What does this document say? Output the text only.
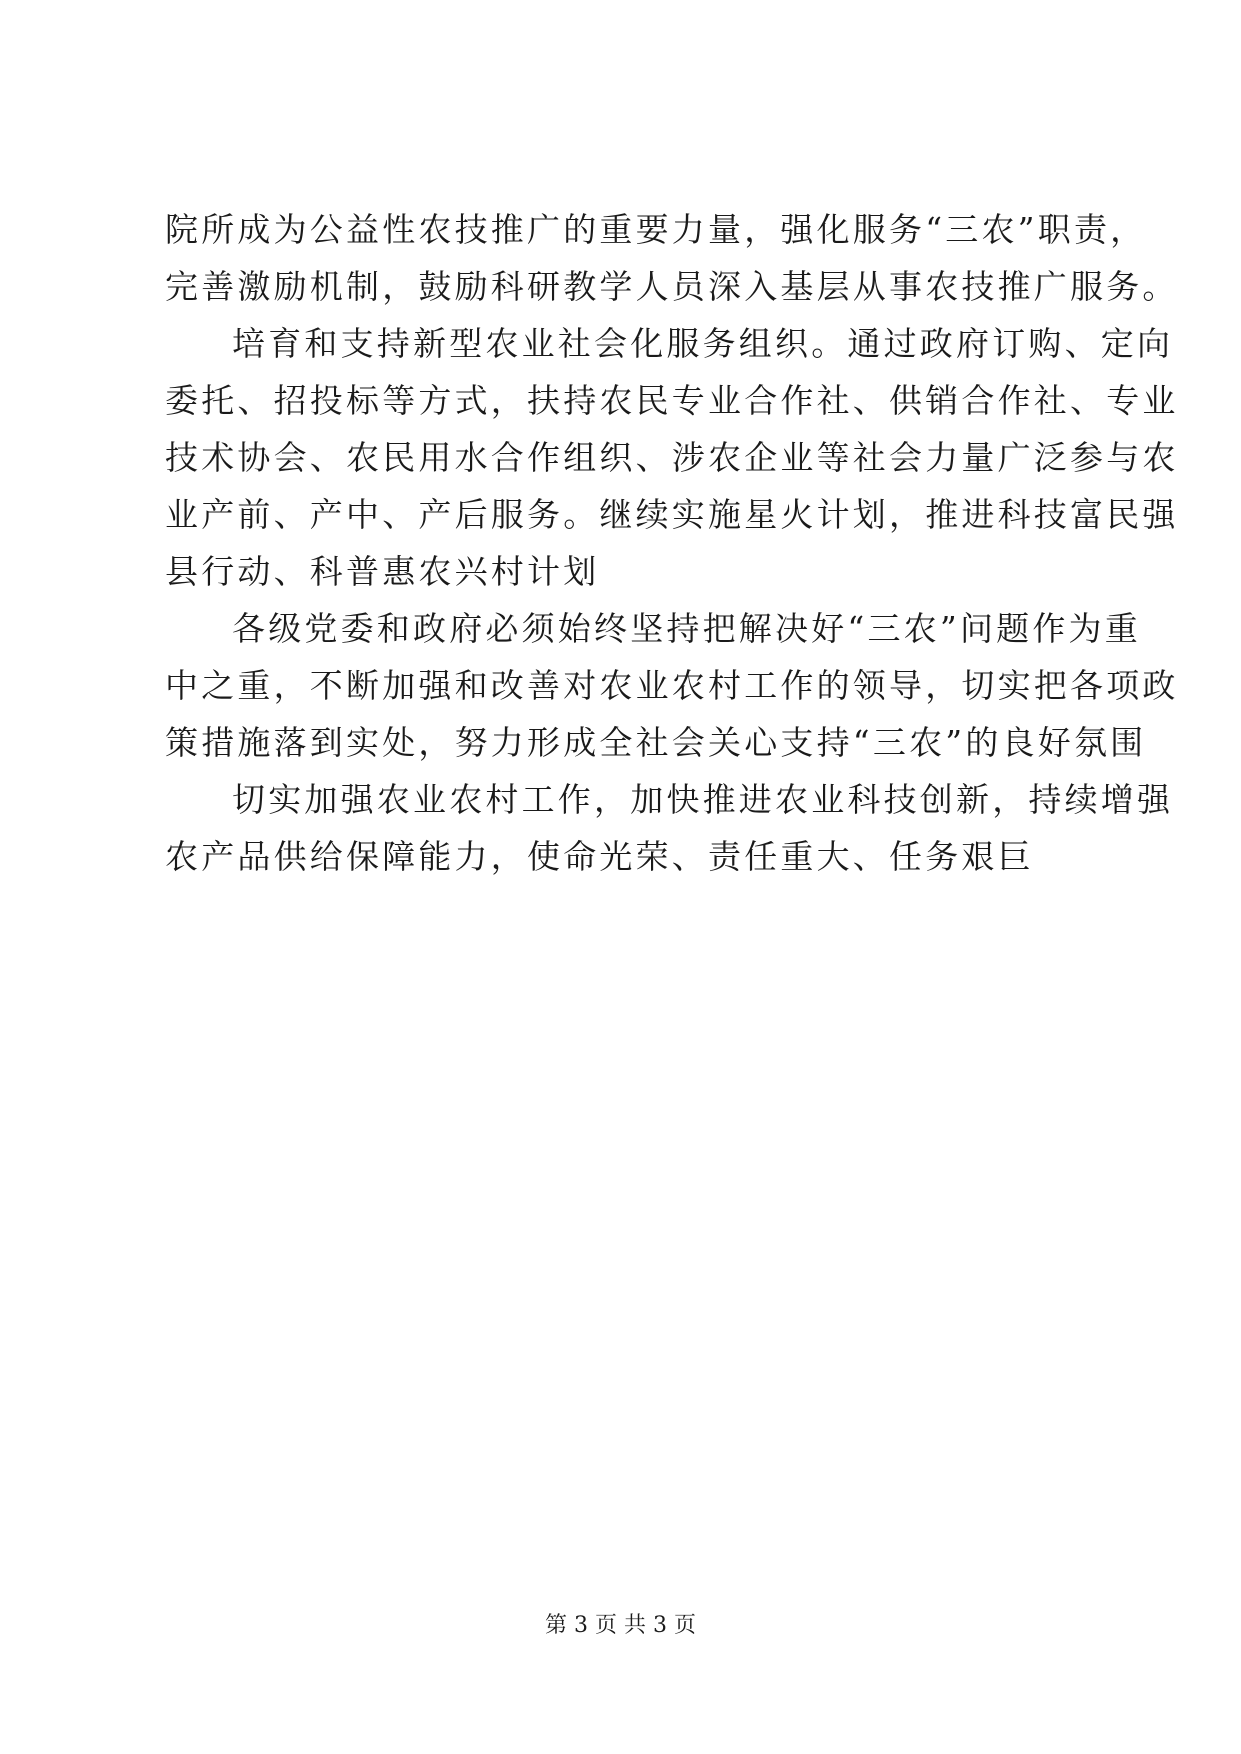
院所成为公益性农技推广的重要力量，强化服务“三农”职责，
完善激励机制，鼓励科研教学人员深入基层从事农技推广服务。
培育和支持新型农业社会化服务组织。通过政府订购、定向
委托、招投标等方式，扶持农民专业合作社、供销合作社、专业
技术协会、农民用水合作组织、涉农企业等社会力量广泛参与农
业产前、产中、产后服务。继续实施星火计划，推进科技富民强
县行动、科普惠农兴村计划
各级党委和政府必须始终坚持把解决好“三农”问题作为重
中之重，不断加强和改善对农业农村工作的领导，切实把各项政
策措施落到实处，努力形成全社会关心支持“三农”的良好氛围
切实加强农业农村工作，加快推进农业科技创新，持续增强
农产品供给保障能力，使命光荣、责任重大、任务艰巨
第 3 页 共 3 页
